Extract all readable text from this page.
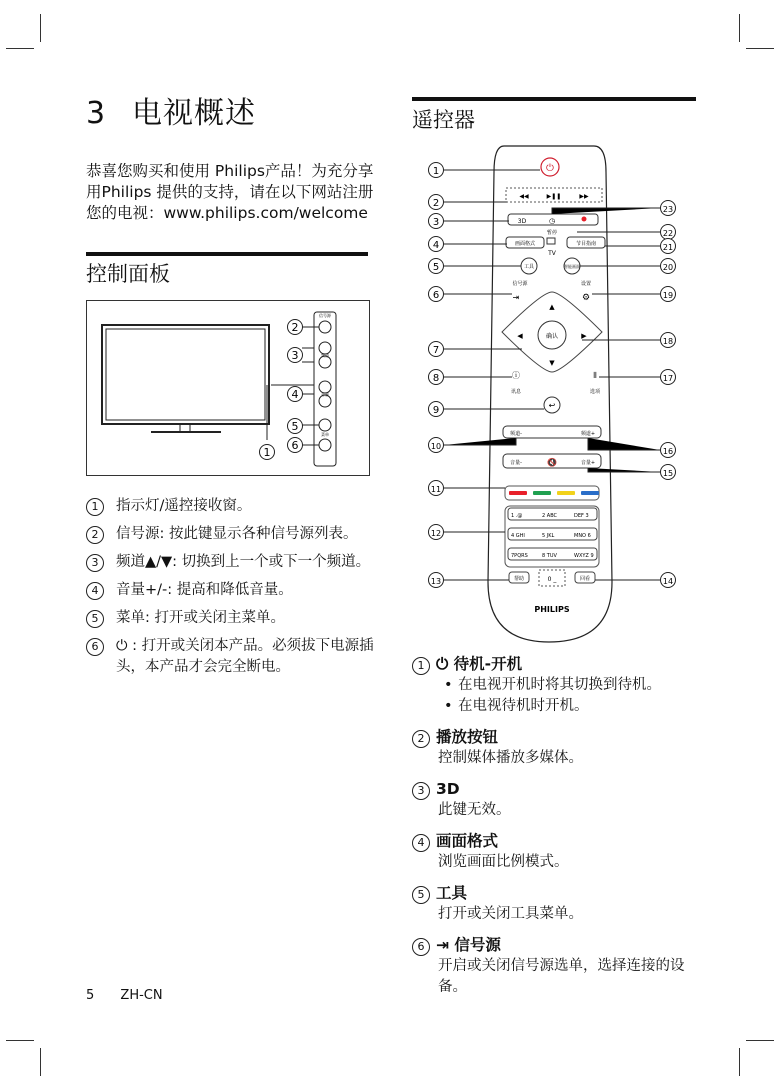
3 电视概述
恭喜您购买和使用 Philips产品！为充分享用Philips 提供的支持，请在以下网站注册您的电视：www.philips.com/welcome
控制面板
信号源
频道
音量
菜单
2
3
4
5
6
1
1	指示灯/遥控接收窗。
2	信号源: 按此键显示各种信号源列表。
3	频道▲/▼: 切换到上一个或下一个频道。
4	音量+/-: 提高和降低音量。
5	菜单: 打开或关闭主菜单。
6	⏻ : 打开或关闭本产品。必须拔下电源插头，本产品才会完全断电。
遥控器
⏻
◀◀	▶❚❚	▶▶
3D	◷
暂停
画面格式	节目指南
TV
工具	智能画面
信号源	设置
⇥	⚙
确认
▲
▼
◀	▶
ⓘ	⦀
讯息	选项
↩
频道-	频道+
音量-	🔇	音量+
1 .@	2 ABC	DEF 3
4 GHI	5 JKL	MNO 6
7PQRS	8 TUV	WXYZ 9
帮助	0 _	回看
PHILIPS
1
2
3
4
5
6
7
8
9
10
11
12
13
23
22
21
20
19
18
17
16
15
14
1 ⏻ 待机-开机
• 在电视开机时将其切换到待机。
• 在电视待机时开机。
2 播放按钮
控制媒体播放多媒体。
3 3D
此键无效。
4 画面格式
浏览画面比例模式。
5 工具
打开或关闭工具菜单。
6 ⇥ 信号源
开启或关闭信号源选单，选择连接的设备。
5 ZH-CN
